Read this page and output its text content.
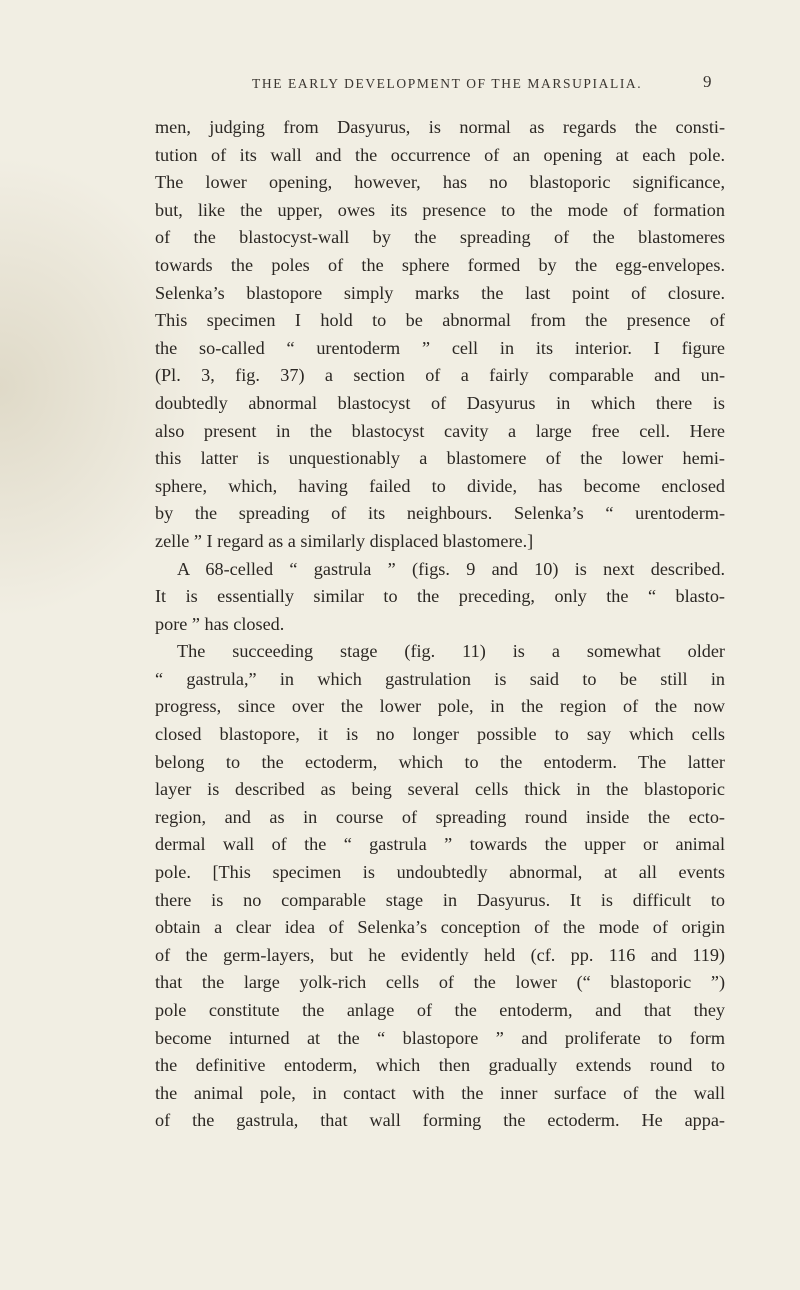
THE EARLY DEVELOPMENT OF THE MARSUPIALIA.	9
men, judging from Dasyurus, is normal as regards the consti-
tution of its wall and the occurrence of an opening at each pole.
The lower opening, however, has no blastoporic significance,
but, like the upper, owes its presence to the mode of formation
of the blastocyst-wall by the spreading of the blastomeres
towards the poles of the sphere formed by the egg-envelopes.
Selenka’s blastopore simply marks the last point of closure.
This specimen I hold to be abnormal from the presence of
the so-called “ urentoderm ” cell in its interior. I figure
(Pl. 3, fig. 37) a section of a fairly comparable and un-
doubtedly abnormal blastocyst of Dasyurus in which there is
also present in the blastocyst cavity a large free cell. Here
this latter is unquestionably a blastomere of the lower hemi-
sphere, which, having failed to divide, has become enclosed
by the spreading of its neighbours. Selenka’s “ urentoderm-
zelle ” I regard as a similarly displaced blastomere.]
A 68-celled “ gastrula ” (figs. 9 and 10) is next described.
It is essentially similar to the preceding, only the “ blasto-
pore ” has closed.
The succeeding stage (fig. 11) is a somewhat older
“ gastrula,” in which gastrulation is said to be still in
progress, since over the lower pole, in the region of the now
closed blastopore, it is no longer possible to say which cells
belong to the ectoderm, which to the entoderm. The latter
layer is described as being several cells thick in the blastoporic
region, and as in course of spreading round inside the ecto-
dermal wall of the “ gastrula ” towards the upper or animal
pole. [This specimen is undoubtedly abnormal, at all events
there is no comparable stage in Dasyurus. It is difficult to
obtain a clear idea of Selenka’s conception of the mode of origin
of the germ-layers, but he evidently held (cf. pp. 116 and 119)
that the large yolk-rich cells of the lower (“ blastoporic ”)
pole constitute the anlage of the entoderm, and that they
become inturned at the “ blastopore ” and proliferate to form
the definitive entoderm, which then gradually extends round to
the animal pole, in contact with the inner surface of the wall
of the gastrula, that wall forming the ectoderm. He appa-
